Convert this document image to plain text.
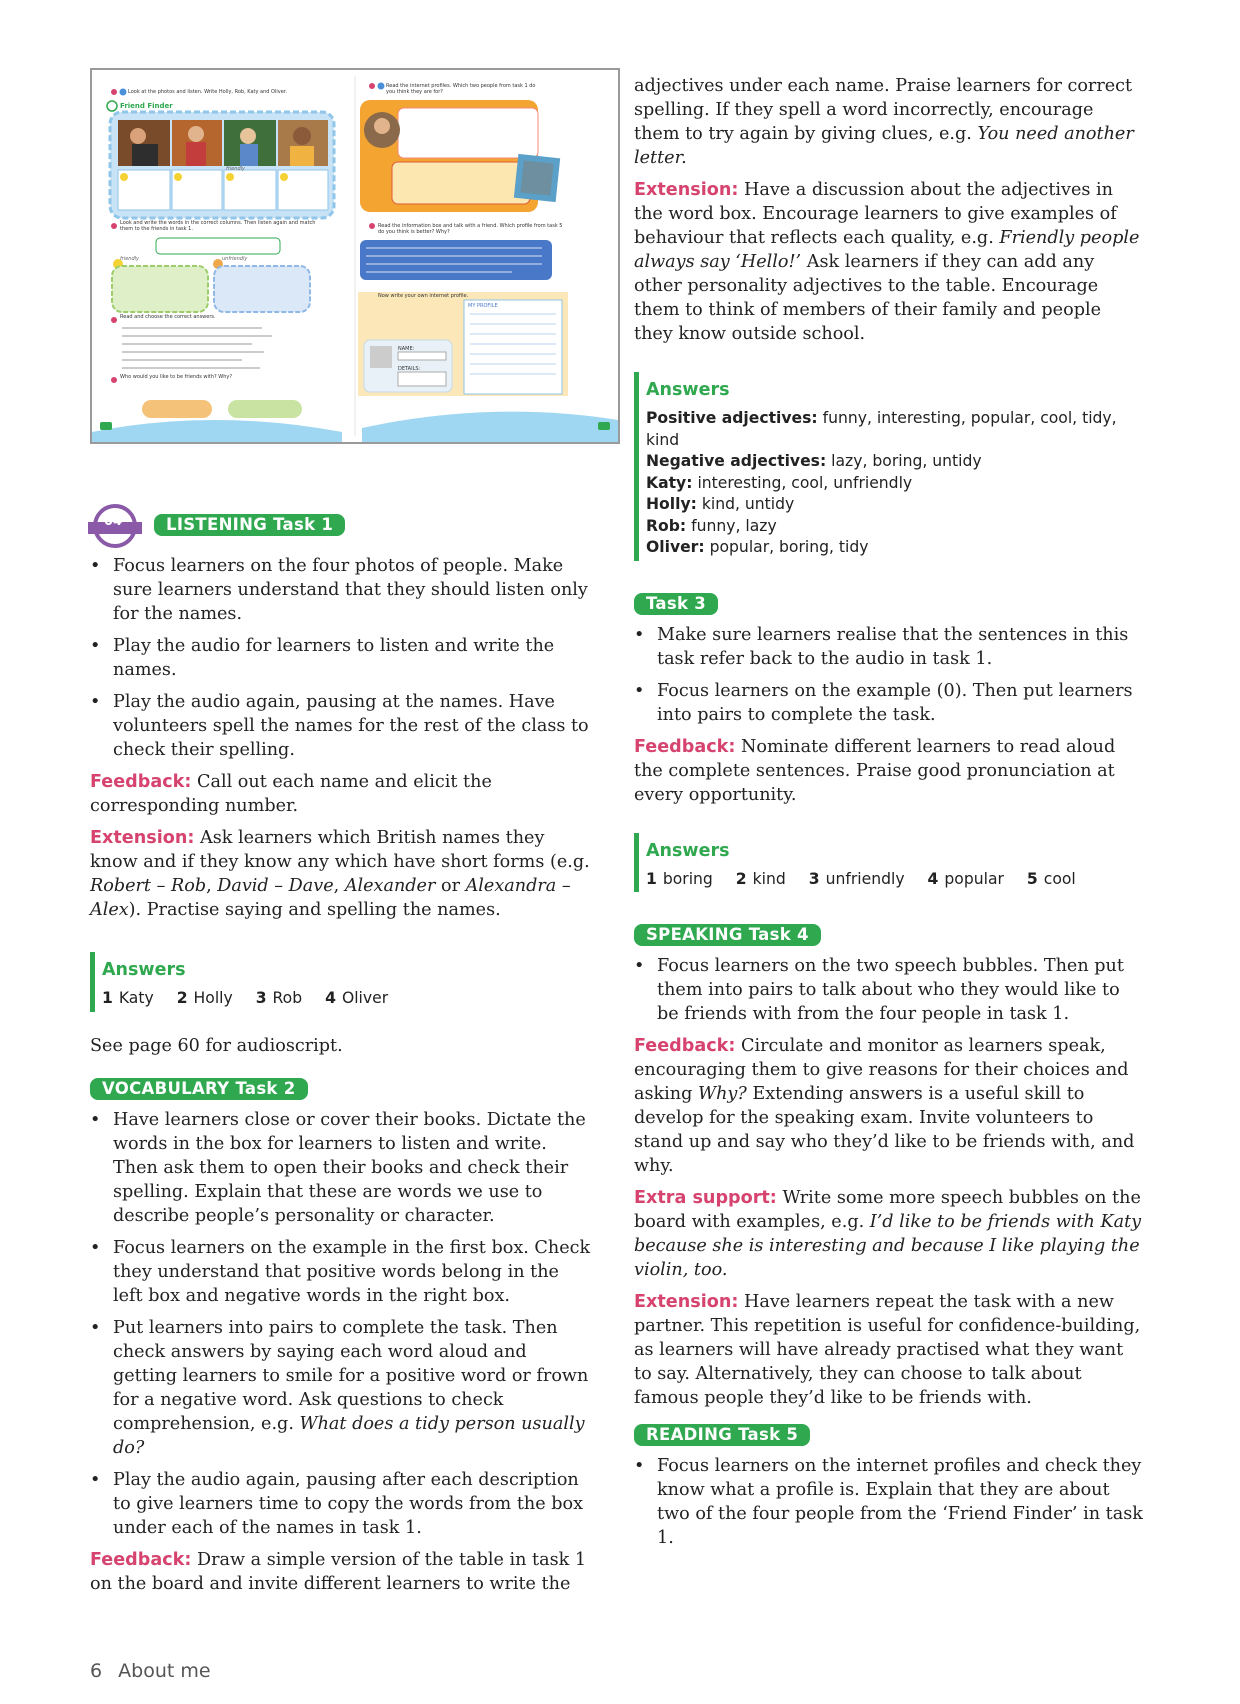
Look at the photos and listen. Write Holly, Rob, Katy and Oliver.
Friend Finder
friendly
Look and write the words in the correct columns. Then listen again and match them to the friends in task 1.
friendly	unfriendly
Read and choose the correct answers.
Who would you like to be friends with? Why?
Read the internet profiles. Which two people from task 1 do you think they are for?
Read the information box and talk with a friend. Which profile from task 5 do you think is better? Why?
Now write your own internet profile.
MY PROFILE
NAME:
DETAILS:
04	LISTENING Task 1
• Focus learners on the four photos of people. Make sure learners understand that they should listen only for the names.
• Play the audio for learners to listen and write the names.
• Play the audio again, pausing at the names. Have volunteers spell the names for the rest of the class to check their spelling.

Feedback: Call out each name and elicit the corresponding number.

Extension: Ask learners which British names they know and if they know any which have short forms (e.g. Robert – Rob, David – Dave, Alexander or Alexandra – Alex). Practise saying and spelling the names.

Answers
1 Katy 2 Holly 3 Rob 4 Oliver

See page 60 for audioscript.

VOCABULARY Task 2
• Have learners close or cover their books. Dictate the words in the box for learners to listen and write. Then ask them to open their books and check their spelling. Explain that these are words we use to describe people’s personality or character.
• Focus learners on the example in the first box. Check they understand that positive words belong in the left box and negative words in the right box.
• Put learners into pairs to complete the task. Then check answers by saying each word aloud and getting learners to smile for a positive word or frown for a negative word. Ask questions to check comprehension, e.g. What does a tidy person usually do?
• Play the audio again, pausing after each description to give learners time to copy the words from the box under each of the names in task 1.

Feedback: Draw a simple version of the table in task 1 on the board and invite different learners to write the

adjectives under each name. Praise learners for correct spelling. If they spell a word incorrectly, encourage them to try again by giving clues, e.g. You need another letter.

Extension: Have a discussion about the adjectives in the word box. Encourage learners to give examples of behaviour that reflects each quality, e.g. Friendly people always say ‘Hello!’ Ask learners if they can add any other personality adjectives to the table. Encourage them to think of members of their family and people they know outside school.

Answers
Positive adjectives: funny, interesting, popular, cool, tidy, kind
Negative adjectives: lazy, boring, untidy
Katy: interesting, cool, unfriendly
Holly: kind, untidy
Rob: funny, lazy
Oliver: popular, boring, tidy
Task 3
• Make sure learners realise that the sentences in this task refer back to the audio in task 1.
• Focus learners on the example (0). Then put learners into pairs to complete the task.

Feedback: Nominate different learners to read aloud the complete sentences. Praise good pronunciation at every opportunity.

Answers
1 boring 2 kind 3 unfriendly 4 popular 5 cool
SPEAKING Task 4
• Focus learners on the two speech bubbles. Then put them into pairs to talk about who they would like to be friends with from the four people in task 1.

Feedback: Circulate and monitor as learners speak, encouraging them to give reasons for their choices and asking Why? Extending answers is a useful skill to develop for the speaking exam. Invite volunteers to stand up and say who they’d like to be friends with, and why.

Extra support: Write some more speech bubbles on the board with examples, e.g. I’d like to be friends with Katy because she is interesting and because I like playing the violin, too.

Extension: Have learners repeat the task with a new partner. This repetition is useful for confidence-building, as learners will have already practised what they want to say. Alternatively, they can choose to talk about famous people they’d like to be friends with.

READING Task 5
• Focus learners on the internet profiles and check they know what a profile is. Explain that they are about two of the four people from the ‘Friend Finder’ in task 1.
6 About me
